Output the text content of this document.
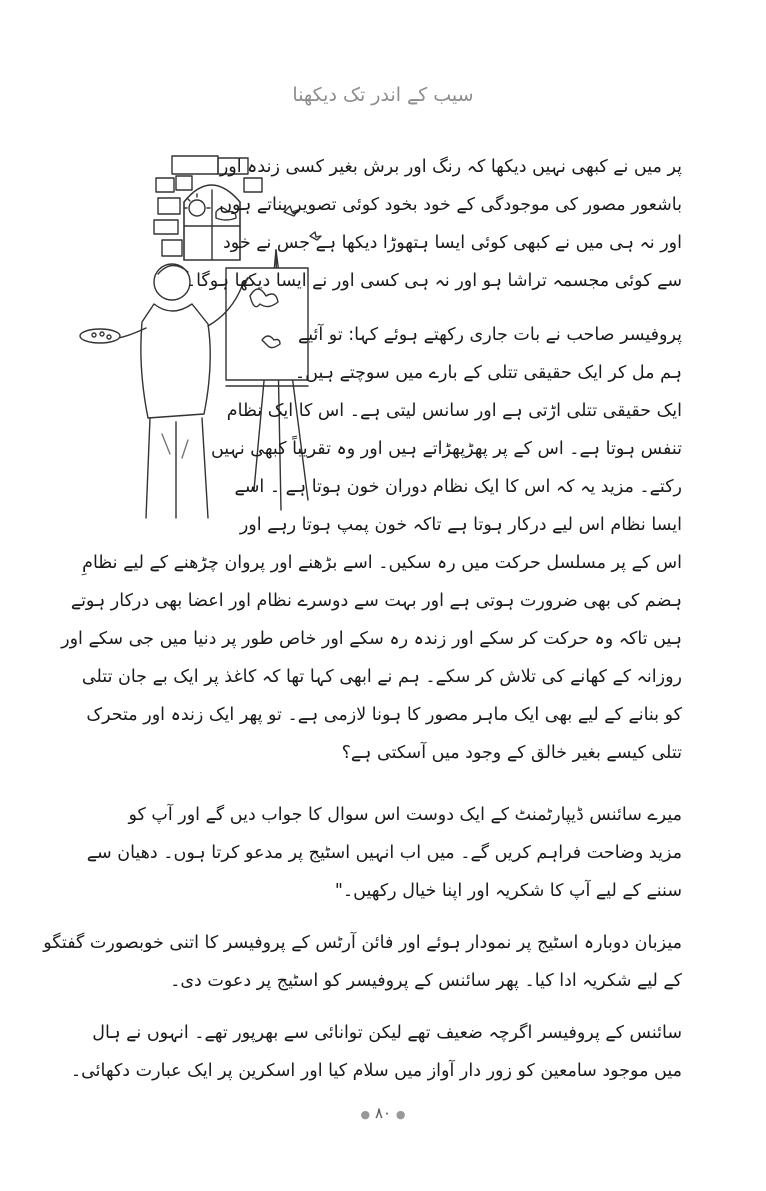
سیب کے اندر تک دیکھنا
پر میں نے کبھی نہیں دیکھا کہ رنگ اور برش بغیر کسی زندہ اور
باشعور مصور کی موجودگی کے خود بخود کوئی تصویر بناتے ہوں
اور نہ ہی میں نے کبھی کوئی ایسا ہتھوڑا دیکھا ہے جس نے خود
سے کوئی مجسمہ تراشا ہو اور نہ ہی کسی اور نے ایسا دیکھا ہوگا۔
پروفیسر صاحب نے بات جاری رکھتے ہوئے کہا: تو آئیے
ہم مل کر ایک حقیقی تتلی کے بارے میں سوچتے ہیں۔
ایک حقیقی تتلی اڑتی ہے اور سانس لیتی ہے۔ اس کا ایک نظام
تنفس ہوتا ہے۔ اس کے پر پھڑپھڑاتے ہیں اور وہ تقریباً کبھی نہیں
رکتے۔ مزید یہ کہ اس کا ایک نظام دوران خون ہوتا ہے ۔ اسے
ایسا نظام اس لیے درکار ہوتا ہے تاکہ خون پمپ ہوتا رہے اور
اس کے پر مسلسل حرکت میں رہ سکیں۔ اسے بڑھنے اور پروان چڑھنے کے لیے نظامِ
ہضم کی بھی ضرورت ہوتی ہے اور بہت سے دوسرے نظام اور اعضا بھی درکار ہوتے
ہیں تاکہ وہ حرکت کر سکے اور زندہ رہ سکے اور خاص طور پر دنیا میں جی سکے اور
روزانہ کے کھانے کی تلاش کر سکے۔ ہم نے ابھی کہا تھا کہ کاغذ پر ایک بے جان تتلی
کو بنانے کے لیے بھی ایک ماہر مصور کا ہونا لازمی ہے۔ تو پھر ایک زندہ اور متحرک
تتلی کیسے بغیر خالق کے وجود میں آسکتی ہے؟
میرے سائنس ڈیپارٹمنٹ کے ایک دوست اس سوال کا جواب دیں گے اور آپ کو
مزید وضاحت فراہم کریں گے۔ میں اب انہیں اسٹیج پر مدعو کرتا ہوں۔ دھیان سے
سننے کے لیے آپ کا شکریہ اور اپنا خیال رکھیں۔"
میزبان دوبارہ اسٹیج پر نمودار ہوئے اور فائن آرٹس کے پروفیسر کا اتنی خوبصورت گفتگو
کے لیے شکریہ ادا کیا۔ پھر سائنس کے پروفیسر کو اسٹیج پر دعوت دی۔
سائنس کے پروفیسر اگرچہ ضعیف تھے لیکن توانائی سے بھرپور تھے۔ انہوں نے ہال
میں موجود سامعین کو زور دار آواز میں سلام کیا اور اسکرین پر ایک عبارت دکھائی۔
● ۸۰ ●
